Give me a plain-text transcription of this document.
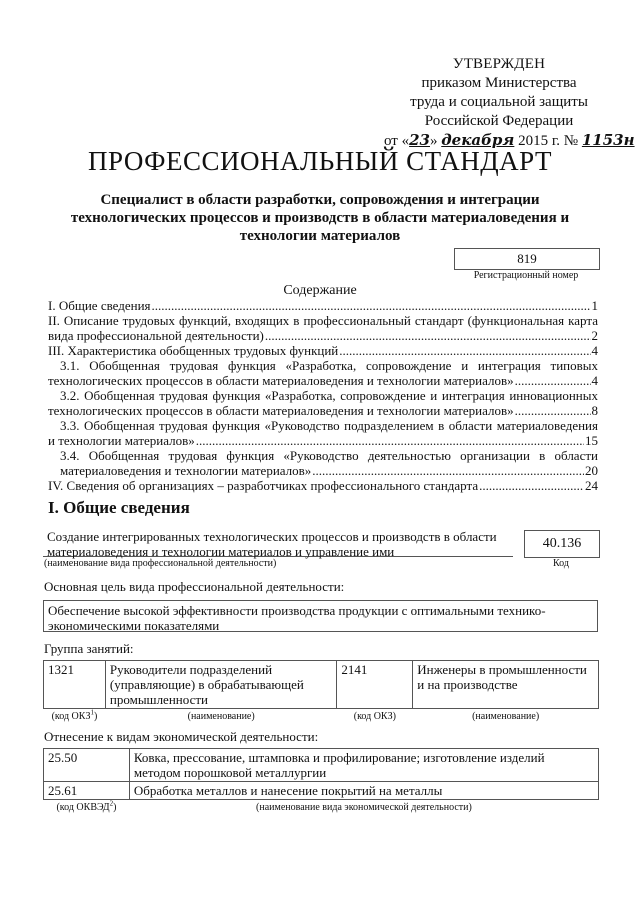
УТВЕРЖДЕН
приказом Министерства
труда и социальной защиты
Российской Федерации
от «23» декабря 2015 г. № 1153н
ПРОФЕССИОНАЛЬНЫЙ СТАНДАРТ
Специалист в области разработки, сопровождения и интеграции технологических процессов и производств в области материаловедения и технологии материалов
819
Регистрационный номер
Содержание
I. Общие сведения .....	1
II. Описание трудовых функций, входящих в профессиональный стандарт (функциональная карта
вида профессиональной деятельности) .....	2
III. Характеристика обобщенных трудовых функций .....	4
3.1. Обобщенная трудовая функция «Разработка, сопровождение и интеграция типовых
технологических процессов в области материаловедения и технологии материалов» .....	4
3.2. Обобщенная трудовая функция «Разработка, сопровождение и интеграция инновационных
технологических процессов в области материаловедения и технологии материалов» .....	8
3.3. Обобщенная трудовая функция «Руководство подразделением в области материаловедения
и технологии материалов» .....	15
3.4. Обобщенная трудовая функция «Руководство деятельностью организации в области
материаловедения и технологии материалов» .....	20
IV. Сведения об организациях – разработчиках профессионального стандарта .....	24
I. Общие сведения
Создание интегрированных технологических процессов и производств в области материаловедения и технологии материалов и управление ими
40.136
(наименование вида профессиональной деятельности)	Код
Основная цель вида профессиональной деятельности:
Обеспечение высокой эффективности производства продукции с оптимальными технико-экономическими показателями
Группа занятий:
1321	Руководители подразделений (управляющие) в обрабатывающей промышленности	2141	Инженеры в промышленности и на производстве
(код ОКЗ$^1$)	(наименование)	(код ОКЗ)	(наименование)
Отнесение к видам экономической деятельности:
25.50	Ковка, прессование, штамповка и профилирование; изготовление изделий методом порошковой металлургии
25.61	Обработка металлов и нанесение покрытий на металлы
(код ОКВЭД$^2$)	(наименование вида экономической деятельности)
